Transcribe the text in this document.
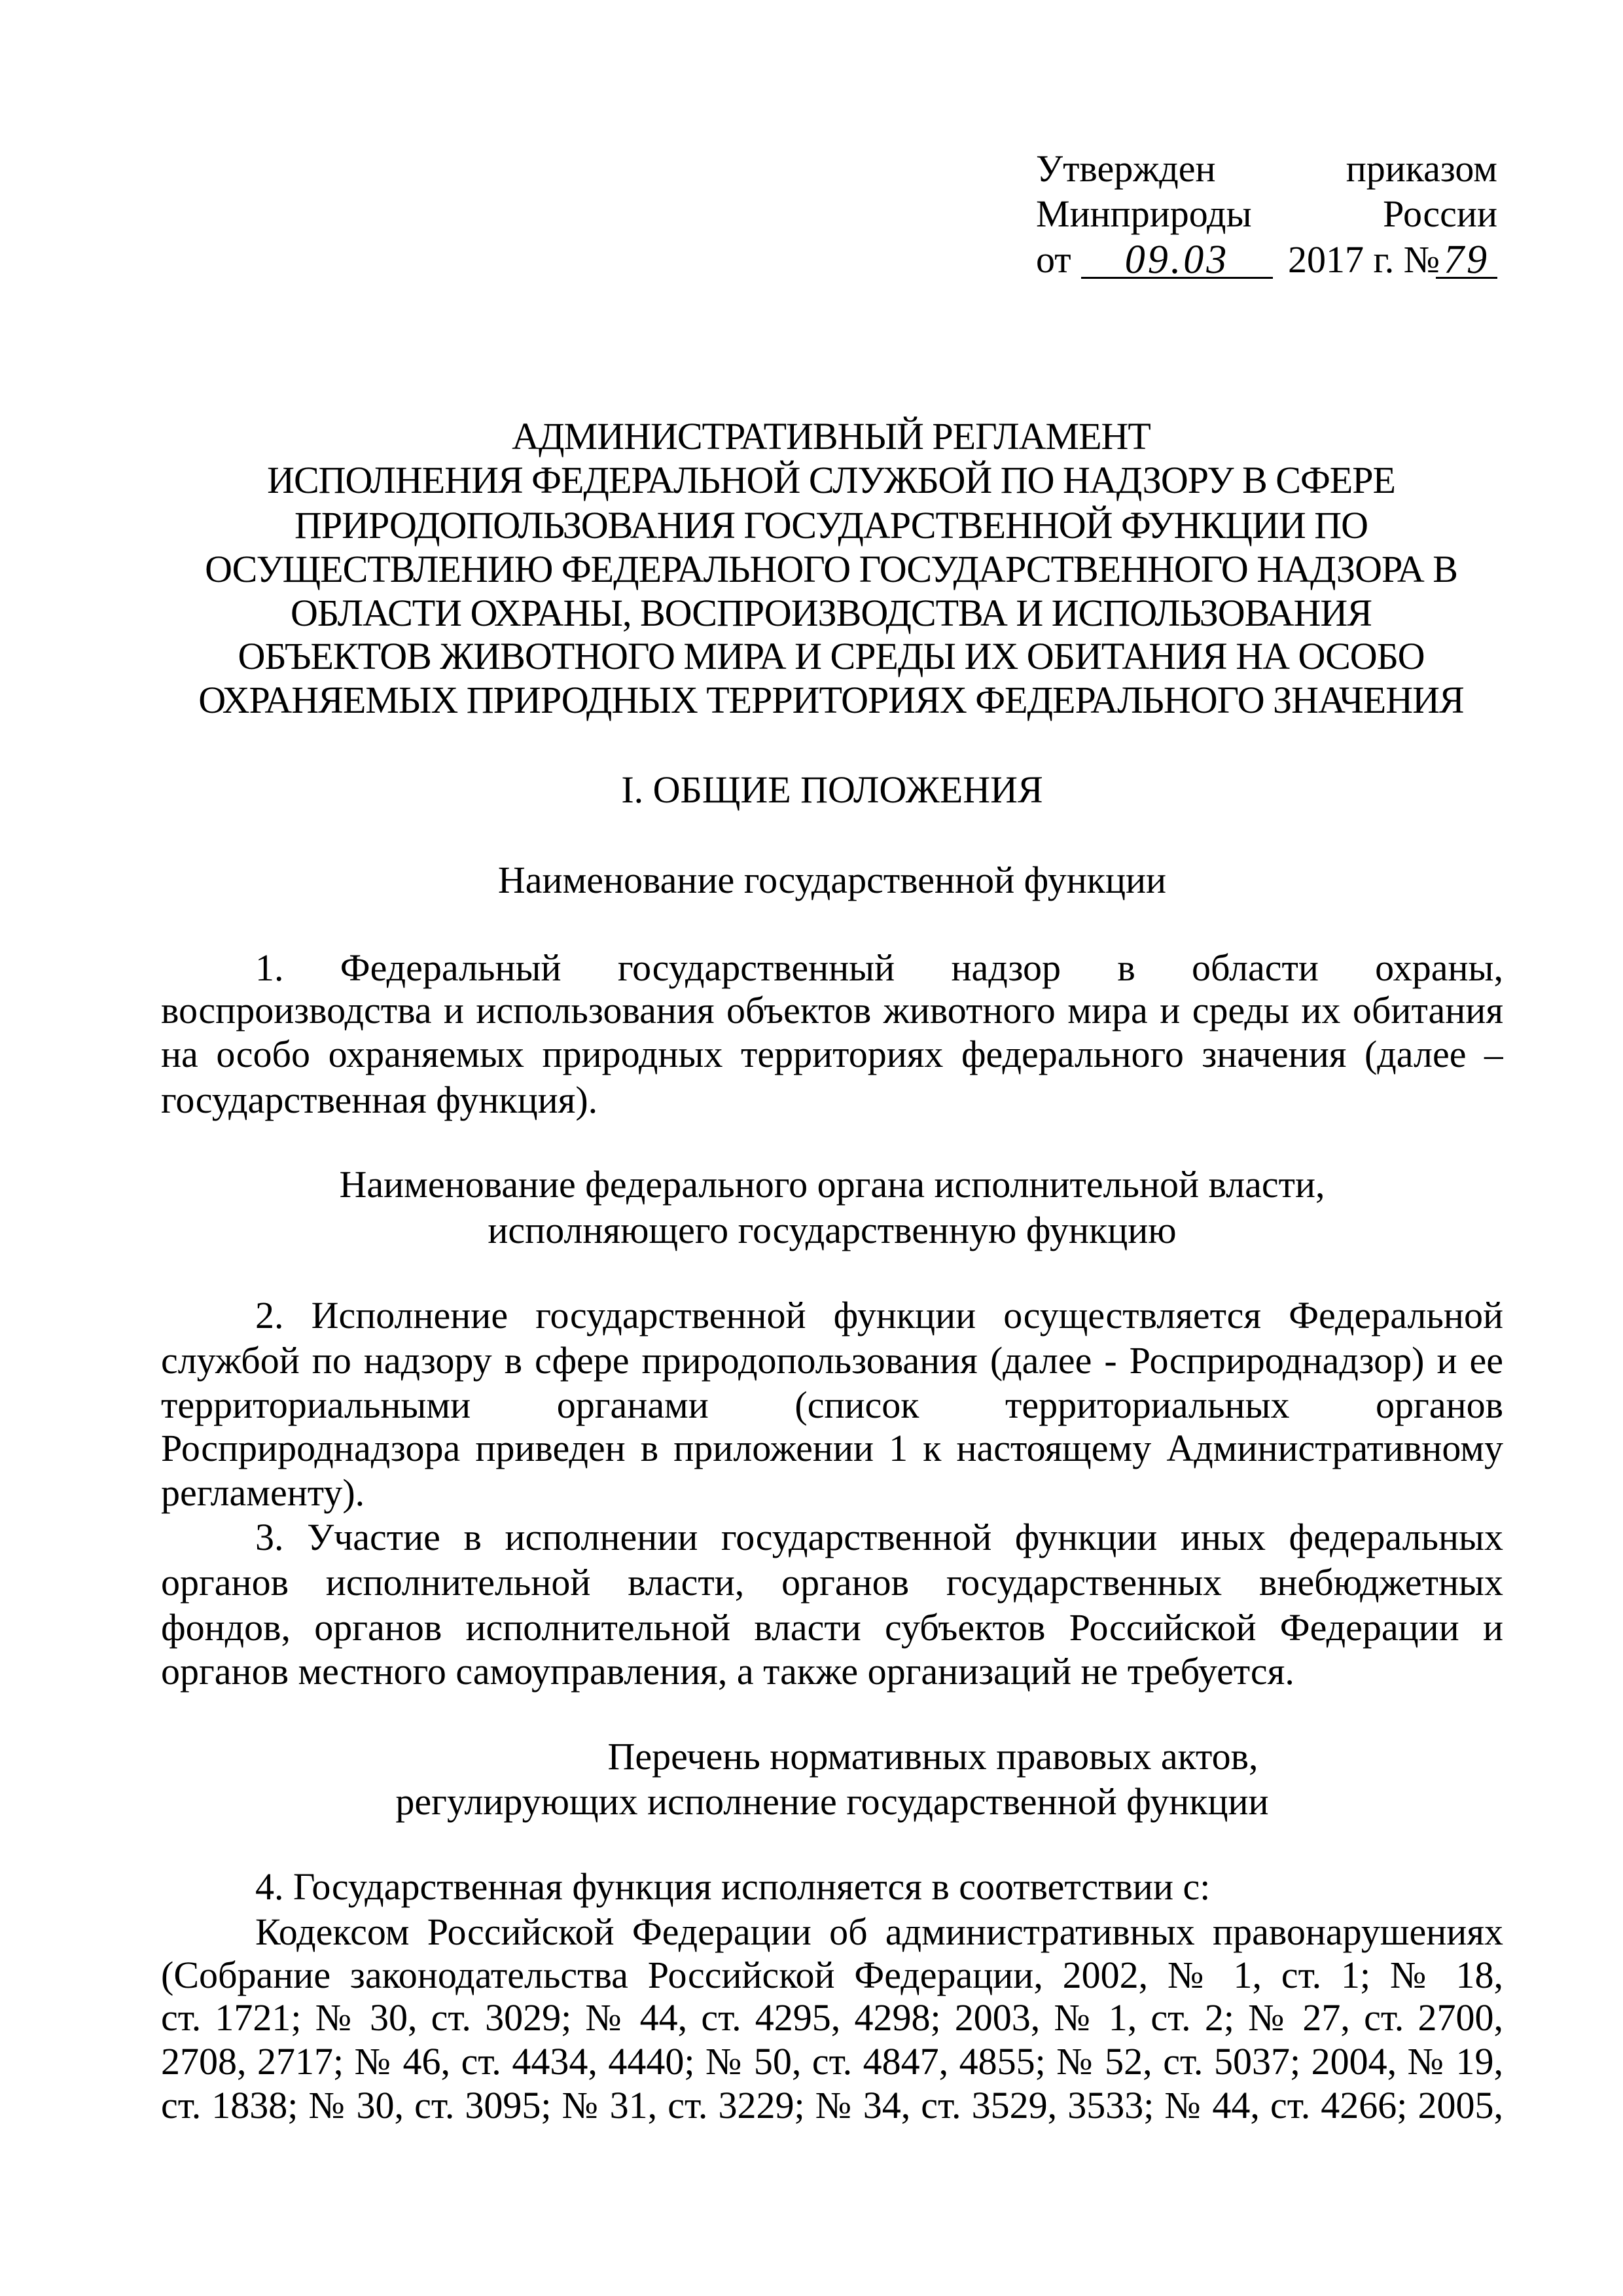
Утвержден приказом
Минприроды России
от	09.03	2017 г. № 79
АДМИНИСТРАТИВНЫЙ РЕГЛАМЕНТ
ИСПОЛНЕНИЯ ФЕДЕРАЛЬНОЙ СЛУЖБОЙ ПО НАДЗОРУ В СФЕРЕ
ПРИРОДОПОЛЬЗОВАНИЯ ГОСУДАРСТВЕННОЙ ФУНКЦИИ ПО
ОСУЩЕСТВЛЕНИЮ ФЕДЕРАЛЬНОГО ГОСУДАРСТВЕННОГО НАДЗОРА В
ОБЛАСТИ ОХРАНЫ, ВОСПРОИЗВОДСТВА И ИСПОЛЬЗОВАНИЯ
ОБЪЕКТОВ ЖИВОТНОГО МИРА И СРЕДЫ ИХ ОБИТАНИЯ НА ОСОБО
ОХРАНЯЕМЫХ ПРИРОДНЫХ ТЕРРИТОРИЯХ ФЕДЕРАЛЬНОГО ЗНАЧЕНИЯ
I. ОБЩИЕ ПОЛОЖЕНИЯ
Наименование государственной функции
1. Федеральный государственный надзор в области охраны,
воспроизводства и использования объектов животного мира и среды их обитания
на особо охраняемых природных территориях федерального значения (далее –
государственная функция).
Наименование федерального органа исполнительной власти,
исполняющего государственную функцию
2. Исполнение государственной функции осуществляется Федеральной
службой по надзору в сфере природопользования (далее - Росприроднадзор) и ее
территориальными органами (список территориальных органов
Росприроднадзора приведен в приложении 1 к настоящему Административному
регламенту).
3. Участие в исполнении государственной функции иных федеральных
органов исполнительной власти, органов государственных внебюджетных
фондов, органов исполнительной власти субъектов Российской Федерации и
органов местного самоуправления, а также организаций не требуется.
Перечень нормативных правовых актов,
регулирующих исполнение государственной функции
4. Государственная функция исполняется в соответствии с:
Кодексом Российской Федерации об административных правонарушениях
(Собрание законодательства Российской Федерации, 2002, № 1, ст. 1; № 18,
ст. 1721; № 30, ст. 3029; № 44, ст. 4295, 4298; 2003, № 1, ст. 2; № 27, ст. 2700,
2708, 2717; № 46, ст. 4434, 4440; № 50, ст. 4847, 4855; № 52, ст. 5037; 2004, № 19,
ст. 1838; № 30, ст. 3095; № 31, ст. 3229; № 34, ст. 3529, 3533; № 44, ст. 4266; 2005,
